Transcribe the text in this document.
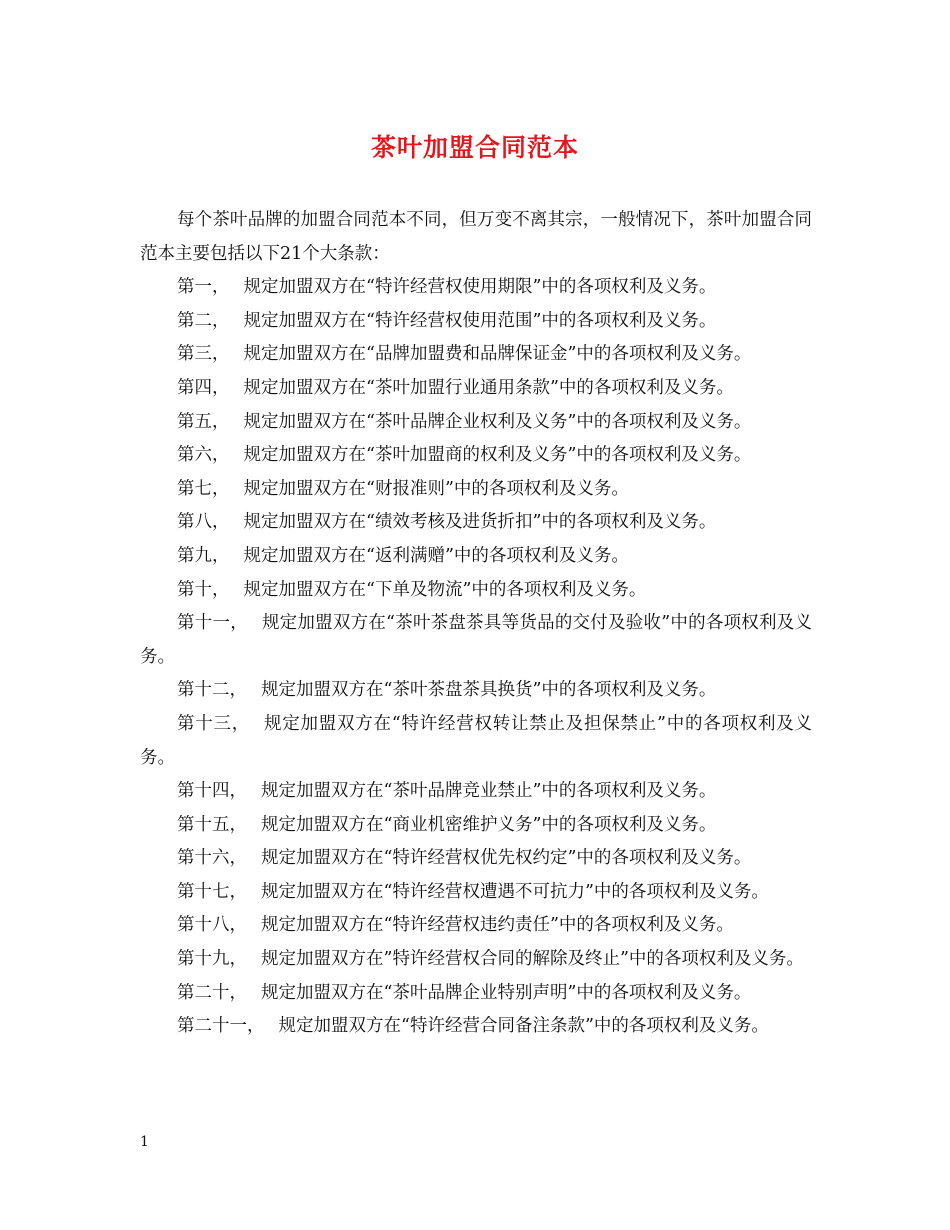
茶叶加盟合同范本

每个茶叶品牌的加盟合同范本不同，但万变不离其宗，一般情况下，茶叶加盟合同范本主要包括以下21个大条款：

第一， 规定加盟双方在“特许经营权使用期限”中的各项权利及义务。

第二， 规定加盟双方在“特许经营权使用范围”中的各项权利及义务。

第三， 规定加盟双方在“品牌加盟费和品牌保证金”中的各项权利及义务。

第四， 规定加盟双方在“茶叶加盟行业通用条款”中的各项权利及义务。

第五， 规定加盟双方在“茶叶品牌企业权利及义务”中的各项权利及义务。

第六， 规定加盟双方在“茶叶加盟商的权利及义务”中的各项权利及义务。

第七， 规定加盟双方在“财报准则”中的各项权利及义务。

第八， 规定加盟双方在“绩效考核及进货折扣”中的各项权利及义务。

第九， 规定加盟双方在“返利满赠”中的各项权利及义务。

第十， 规定加盟双方在“下单及物流”中的各项权利及义务。

第十一， 规定加盟双方在“茶叶茶盘茶具等货品的交付及验收”中的各项权利及义务。

第十二， 规定加盟双方在“茶叶茶盘茶具换货”中的各项权利及义务。

第十三， 规定加盟双方在“特许经营权转让禁止及担保禁止”中的各项权利及义务。

第十四， 规定加盟双方在“茶叶品牌竞业禁止”中的各项权利及义务。

第十五， 规定加盟双方在“商业机密维护义务”中的各项权利及义务。

第十六， 规定加盟双方在“特许经营权优先权约定”中的各项权利及义务。

第十七， 规定加盟双方在“特许经营权遭遇不可抗力”中的各项权利及义务。

第十八， 规定加盟双方在“特许经营权违约责任”中的各项权利及义务。

第十九， 规定加盟双方在”特许经营权合同的解除及终止”中的各项权利及义务。

第二十， 规定加盟双方在“茶叶品牌企业特别声明”中的各项权利及义务。

第二十一， 规定加盟双方在“特许经营合同备注条款”中的各项权利及义务。

1
